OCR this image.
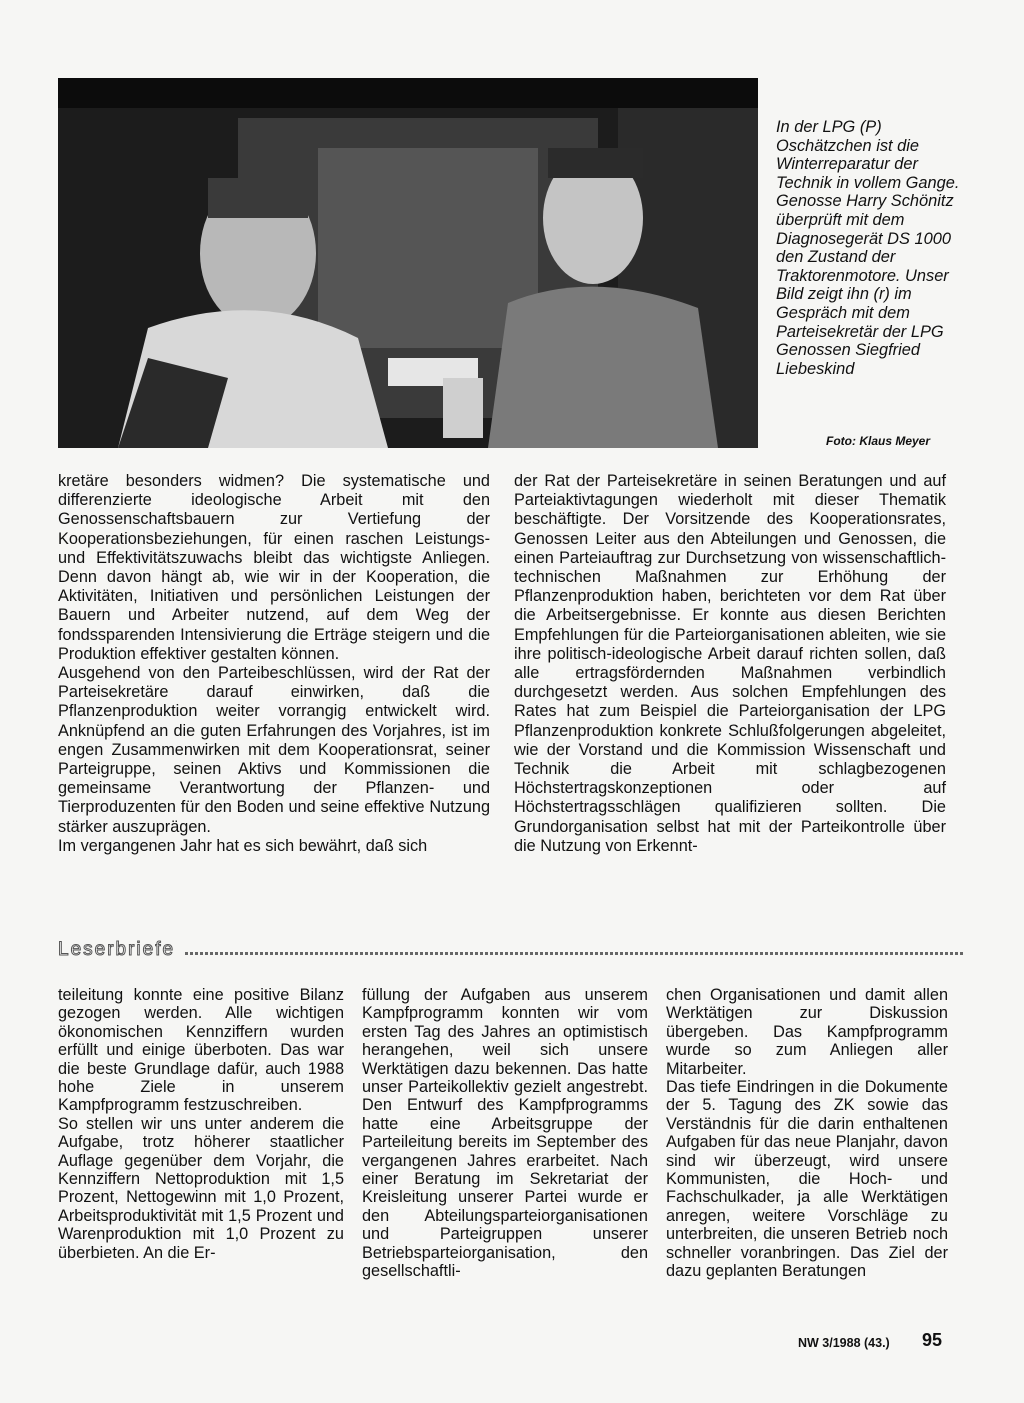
In der LPG (P) Oschätzchen ist die Winterreparatur der Technik in vollem Gange. Genosse Harry Schönitz überprüft mit dem Diagnosegerät DS 1000 den Zustand der Traktorenmotore. Unser Bild zeigt ihn (r) im Gespräch mit dem Parteisekretär der LPG Genossen Siegfried Liebeskind

Foto: Klaus Meyer

kretäre besonders widmen? Die systematische und differenzierte ideologische Arbeit mit den Genossenschaftsbauern zur Vertiefung der Kooperationsbeziehungen, für einen raschen Leistungs- und Effektivitätszuwachs bleibt das wichtigste Anliegen. Denn davon hängt ab, wie wir in der Kooperation, die Aktivitäten, Initiativen und persönlichen Leistungen der Bauern und Arbeiter nutzend, auf dem Weg der fondssparenden Intensivierung die Erträge steigern und die Produktion effektiver gestalten können.

Ausgehend von den Parteibeschlüssen, wird der Rat der Parteisekretäre darauf einwirken, daß die Pflanzenproduktion weiter vorrangig entwickelt wird. Anknüpfend an die guten Erfahrungen des Vorjahres, ist im engen Zusammenwirken mit dem Kooperationsrat, seiner Parteigruppe, seinen Aktivs und Kommissionen die gemeinsame Verantwortung der Pflanzen- und Tierproduzenten für den Boden und seine effektive Nutzung stärker auszuprägen.

Im vergangenen Jahr hat es sich bewährt, daß sich

der Rat der Parteisekretäre in seinen Beratungen und auf Parteiaktivtagungen wiederholt mit dieser Thematik beschäftigte. Der Vorsitzende des Kooperationsrates, Genossen Leiter aus den Abteilungen und Genossen, die einen Parteiauftrag zur Durchsetzung von wissenschaftlich-technischen Maßnahmen zur Erhöhung der Pflanzenproduktion haben, berichteten vor dem Rat über die Arbeitsergebnisse. Er konnte aus diesen Berichten Empfehlungen für die Parteiorganisationen ableiten, wie sie ihre politisch-ideologische Arbeit darauf richten sollen, daß alle ertragsfördernden Maßnahmen verbindlich durchgesetzt werden. Aus solchen Empfehlungen des Rates hat zum Beispiel die Parteiorganisation der LPG Pflanzenproduktion konkrete Schlußfolgerungen abgeleitet, wie der Vorstand und die Kommission Wissenschaft und Technik die Arbeit mit schlagbezogenen Höchstertragskonzeptionen oder auf Höchstertragsschlägen qualifizieren sollten. Die Grundorganisation selbst hat mit der Parteikontrolle über die Nutzung von Erkennt-

Leserbriefe

teileitung konnte eine positive Bilanz gezogen werden. Alle wichtigen ökonomischen Kennziffern wurden erfüllt und einige überboten. Das war die beste Grundlage dafür, auch 1988 hohe Ziele in unserem Kampfprogramm festzuschreiben.

So stellen wir uns unter anderem die Aufgabe, trotz höherer staatlicher Auflage gegenüber dem Vorjahr, die Kennziffern Nettoproduktion mit 1,5 Prozent, Nettogewinn mit 1,0 Prozent, Arbeitsproduktivität mit 1,5 Prozent und Warenproduktion mit 1,0 Prozent zu überbieten. An die Er-

füllung der Aufgaben aus unserem Kampfprogramm konnten wir vom ersten Tag des Jahres an optimistisch herangehen, weil sich unsere Werktätigen dazu bekennen. Das hatte unser Parteikollektiv gezielt angestrebt. Den Entwurf des Kampfprogramms hatte eine Arbeitsgruppe der Parteileitung bereits im September des vergangenen Jahres erarbeitet. Nach einer Beratung im Sekretariat der Kreisleitung unserer Partei wurde er den Abteilungsparteiorganisationen und Parteigruppen unserer Betriebsparteiorganisation, den gesellschaftli-

chen Organisationen und damit allen Werktätigen zur Diskussion übergeben. Das Kampfprogramm wurde so zum Anliegen aller Mitarbeiter.

Das tiefe Eindringen in die Dokumente der 5. Tagung des ZK sowie das Verständnis für die darin enthaltenen Aufgaben für das neue Planjahr, davon sind wir überzeugt, wird unsere Kommunisten, die Hoch- und Fachschulkader, ja alle Werktätigen anregen, weitere Vorschläge zu unterbreiten, die unseren Betrieb noch schneller voranbringen. Das Ziel der dazu geplanten Beratungen

NW 3/1988 (43.) 95
